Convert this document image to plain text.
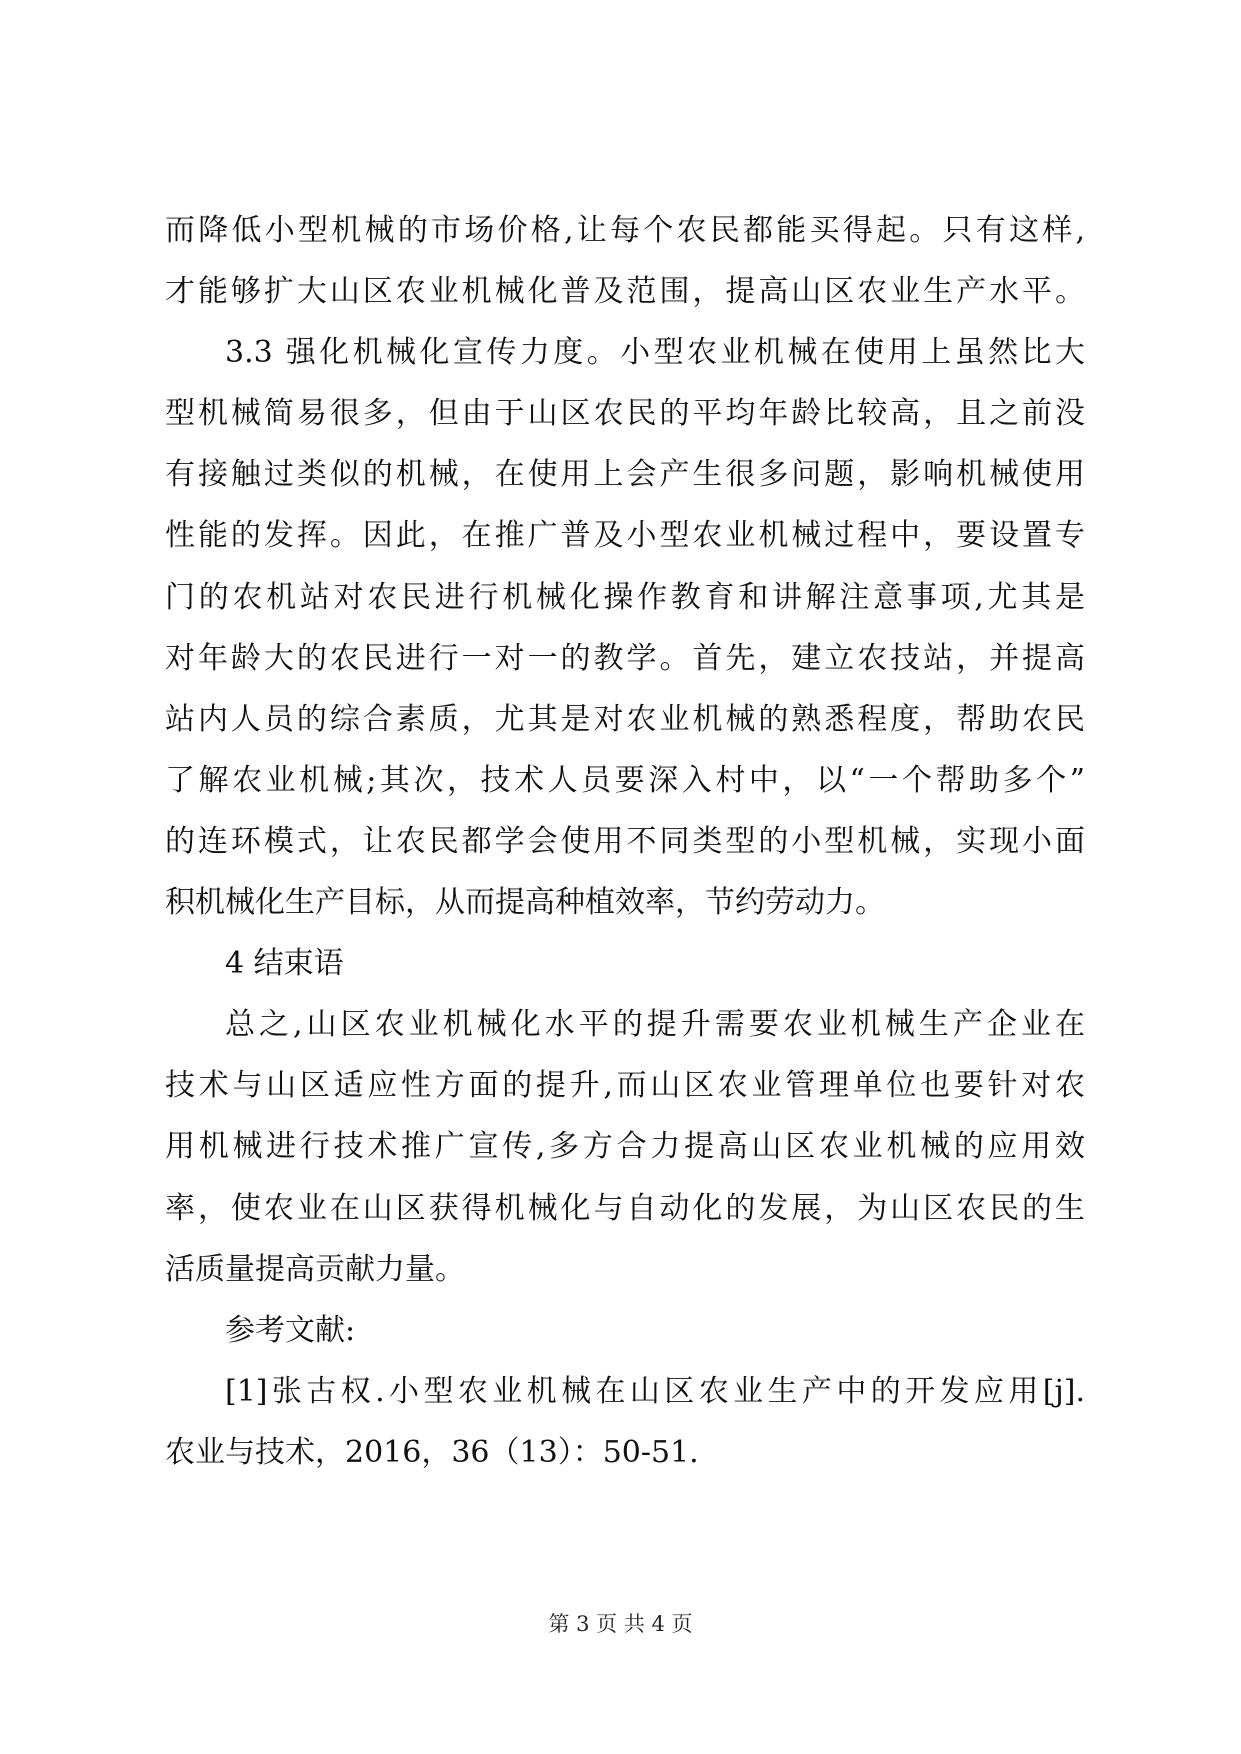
而降低小型机械的市场价格,让每个农民都能买得起。只有这样,
才能够扩大山区农业机械化普及范围，提高山区农业生产水平。
3.3 强化机械化宣传力度。小型农业机械在使用上虽然比大
型机械简易很多，但由于山区农民的平均年龄比较高，且之前没
有接触过类似的机械，在使用上会产生很多问题，影响机械使用
性能的发挥。因此，在推广普及小型农业机械过程中，要设置专
门的农机站对农民进行机械化操作教育和讲解注意事项,尤其是
对年龄大的农民进行一对一的教学。首先，建立农技站，并提高
站内人员的综合素质，尤其是对农业机械的熟悉程度，帮助农民
了解农业机械;其次，技术人员要深入村中，以“一个帮助多个”
的连环模式，让农民都学会使用不同类型的小型机械，实现小面
积机械化生产目标，从而提高种植效率，节约劳动力。
4 结束语
总之,山区农业机械化水平的提升需要农业机械生产企业在
技术与山区适应性方面的提升,而山区农业管理单位也要针对农
用机械进行技术推广宣传,多方合力提高山区农业机械的应用效
率，使农业在山区获得机械化与自动化的发展，为山区农民的生
活质量提高贡献力量。
参考文献:
[1]张古权.小型农业机械在山区农业生产中的开发应用[j].
农业与技术，2016，36（13）：50-51.
第 3 页 共 4 页
